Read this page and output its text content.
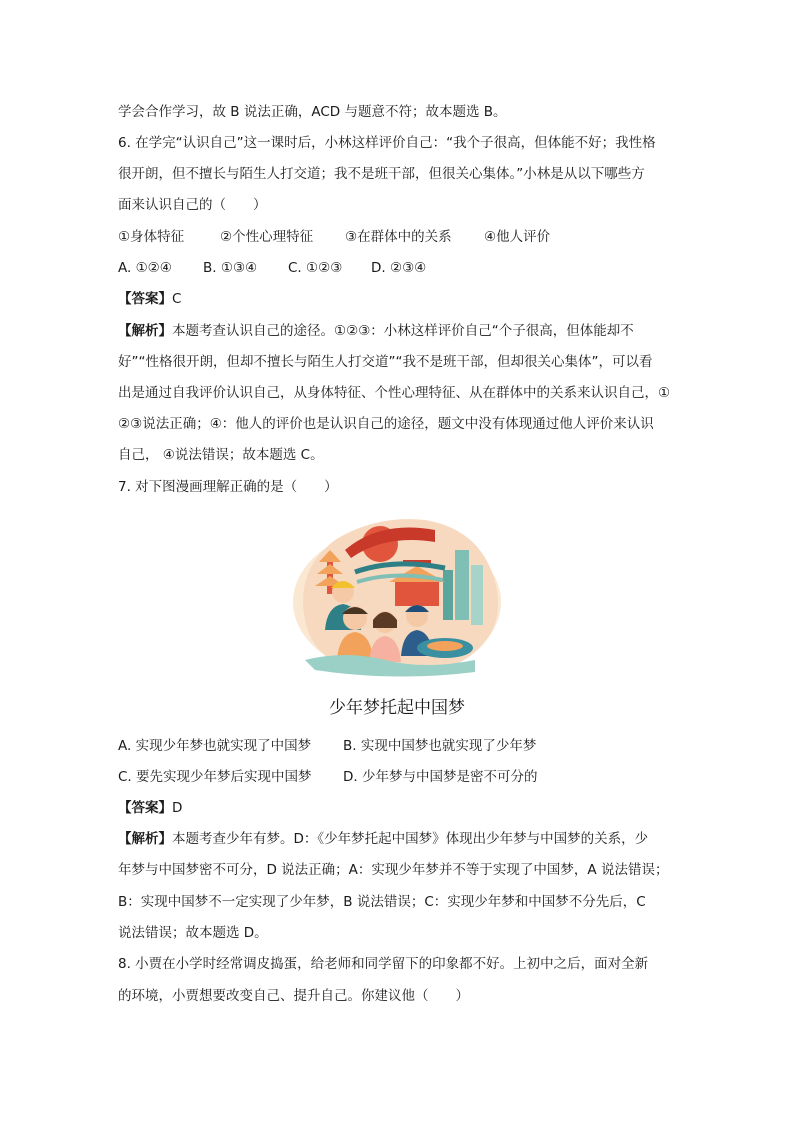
学会合作学习，故 B 说法正确，ACD 与题意不符；故本题选 B。
6. 在学完“认识自己”这一课时后，小林这样评价自己：“我个子很高，但体能不好；我性格
很开朗，但不擅长与陌生人打交道；我不是班干部，但很关心集体。”小林是从以下哪些方
面来认识自己的（　　）
①身体特征	②个性心理特征 ③在群体中的关系 ④他人评价
A. ①②④ B. ①③④ C. ①②③ D. ②③④
【答案】C
【解析】本题考查认识自己的途径。①②③：小林这样评价自己“个子很高，但体能却不
好”“性格很开朗，但却不擅长与陌生人打交道”“我不是班干部，但却很关心集体”，可以看
出是通过自我评价认识自己，从身体特征、个性心理特征、从在群体中的关系来认识自己，①
②③说法正确；④：他人的评价也是认识自己的途径，题文中没有体现通过他人评价来认识
自己， ④说法错误；故本题选 C。
7. 对下图漫画理解正确的是（　　）
少年梦托起中国梦
A. 实现少年梦也就实现了中国梦 B. 实现中国梦也就实现了少年梦
C. 要先实现少年梦后实现中国梦 D. 少年梦与中国梦是密不可分的
【答案】D
【解析】本题考查少年有梦。D：《少年梦托起中国梦》体现出少年梦与中国梦的关系，少
年梦与中国梦密不可分，D 说法正确；A：实现少年梦并不等于实现了中国梦，A 说法错误；
B：实现中国梦不一定实现了少年梦，B 说法错误；C：实现少年梦和中国梦不分先后，C
说法错误；故本题选 D。
8. 小贾在小学时经常调皮捣蛋，给老师和同学留下的印象都不好。上初中之后，面对全新
的环境，小贾想要改变自己、提升自己。你建议他（　　）
